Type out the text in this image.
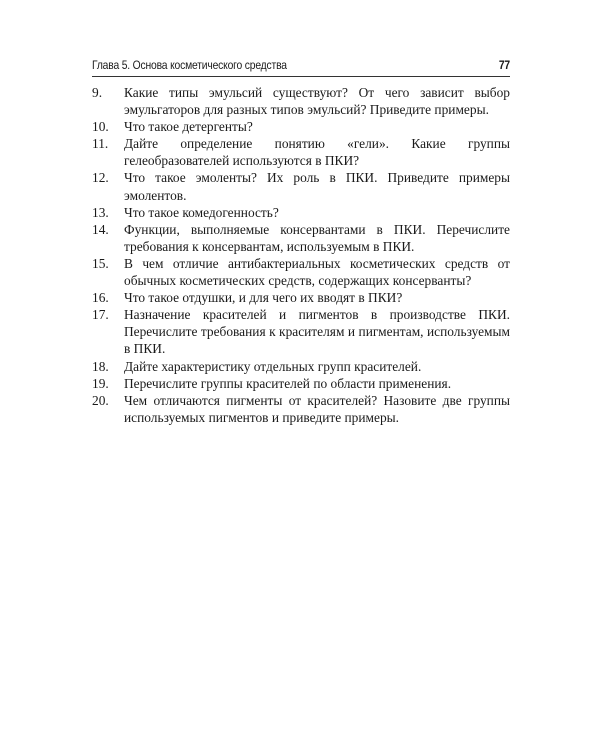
Глава 5. Основа косметического средства	77
9.	Какие типы эмульсий существуют? От чего зависит выбор эмульгаторов для разных типов эмульсий? Приведите примеры.
10.	Что такое детергенты?
11.	Дайте определение понятию «гели». Какие группы гелеобразователей используются в ПКИ?
12.	Что такое эмоленты? Их роль в ПКИ. Приведите примеры эмолентов.
13.	Что такое комедогенность?
14.	Функции, выполняемые консервантами в ПКИ. Перечислите требования к консервантам, используемым в ПКИ.
15.	В чем отличие антибактериальных косметических средств от обычных косметических средств, содержащих консерванты?
16.	Что такое отдушки, и для чего их вводят в ПКИ?
17.	Назначение красителей и пигментов в производстве ПКИ. Перечислите требования к красителям и пигментам, используемым в ПКИ.
18.	Дайте характеристику отдельных групп красителей.
19.	Перечислите группы красителей по области применения.
20.	Чем отличаются пигменты от красителей? Назовите две группы используемых пигментов и приведите примеры.
